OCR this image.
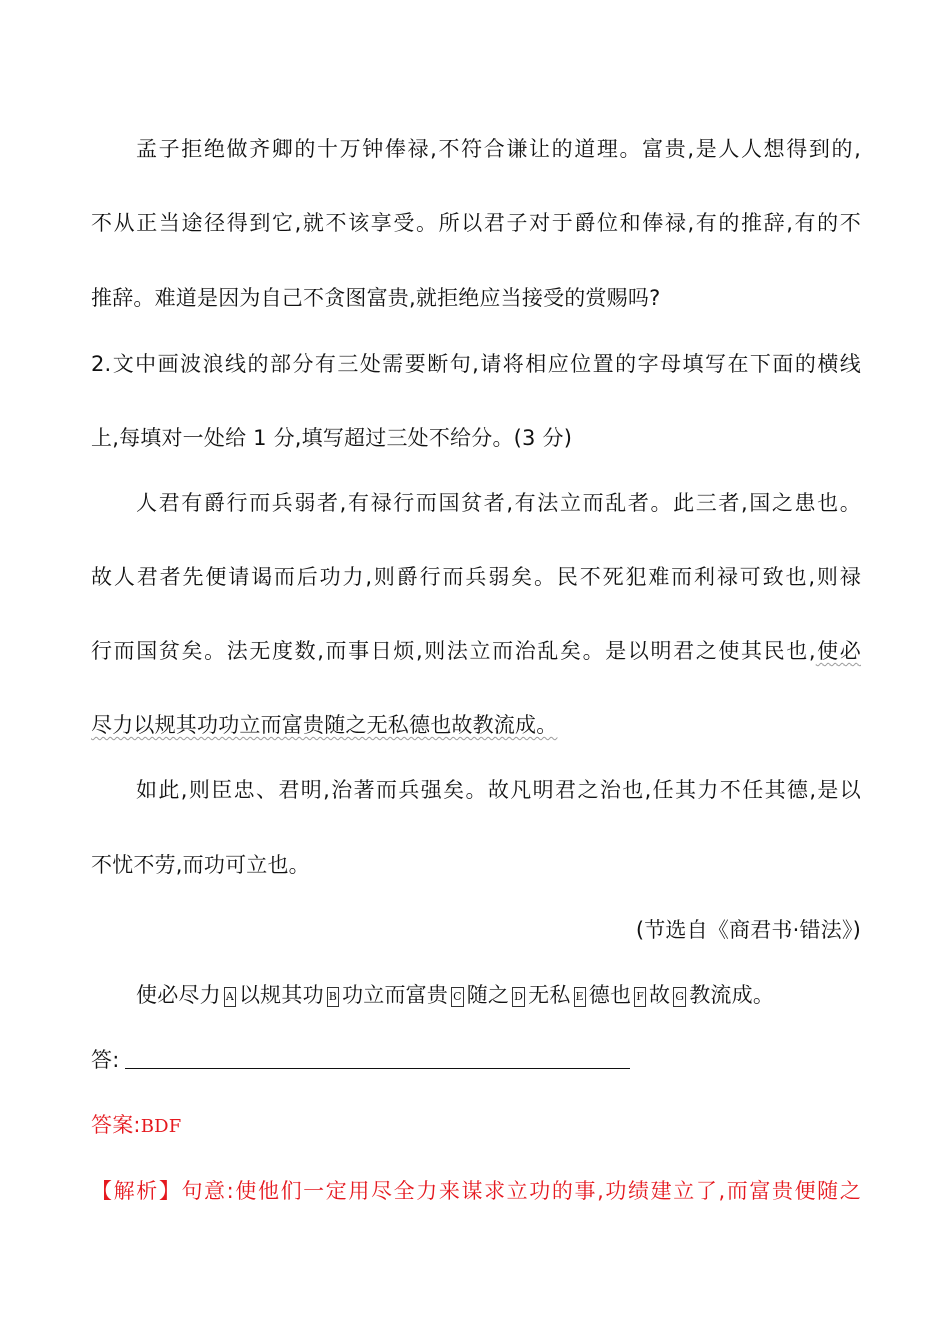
孟子拒绝做齐卿的十万钟俸禄,不符合谦让的道理。富贵,是人人想得到的,
不从正当途径得到它,就不该享受。所以君子对于爵位和俸禄,有的推辞,有的不
推辞。难道是因为自己不贪图富贵,就拒绝应当接受的赏赐吗?
2.文中画波浪线的部分有三处需要断句,请将相应位置的字母填写在下面的横线
上,每填对一处给 1 分,填写超过三处不给分。(3 分)
人君有爵行而兵弱者,有禄行而国贫者,有法立而乱者。此三者,国之患也。
故人君者先便请谒而后功力,则爵行而兵弱矣。民不死犯难而利禄可致也,则禄
行而国贫矣。法无度数,而事日烦,则法立而治乱矣。是以明君之使其民也,使必
尽力以规其功功立而富贵随之无私德也故教流成。
如此,则臣忠、君明,治著而兵强矣。故凡明君之治也,任其力不任其德,是以
不忧不劳,而功可立也。
(节选自《商君书·错法》)
使必尽力 A 以规其功 B 功立而富贵 C 随之 D 无私 E 德也 F 故 G 教流成。
答:
答案:BDF
【解析】句意:使他们一定用尽全力来谋求立功的事,功绩建立了,而富贵便随之
